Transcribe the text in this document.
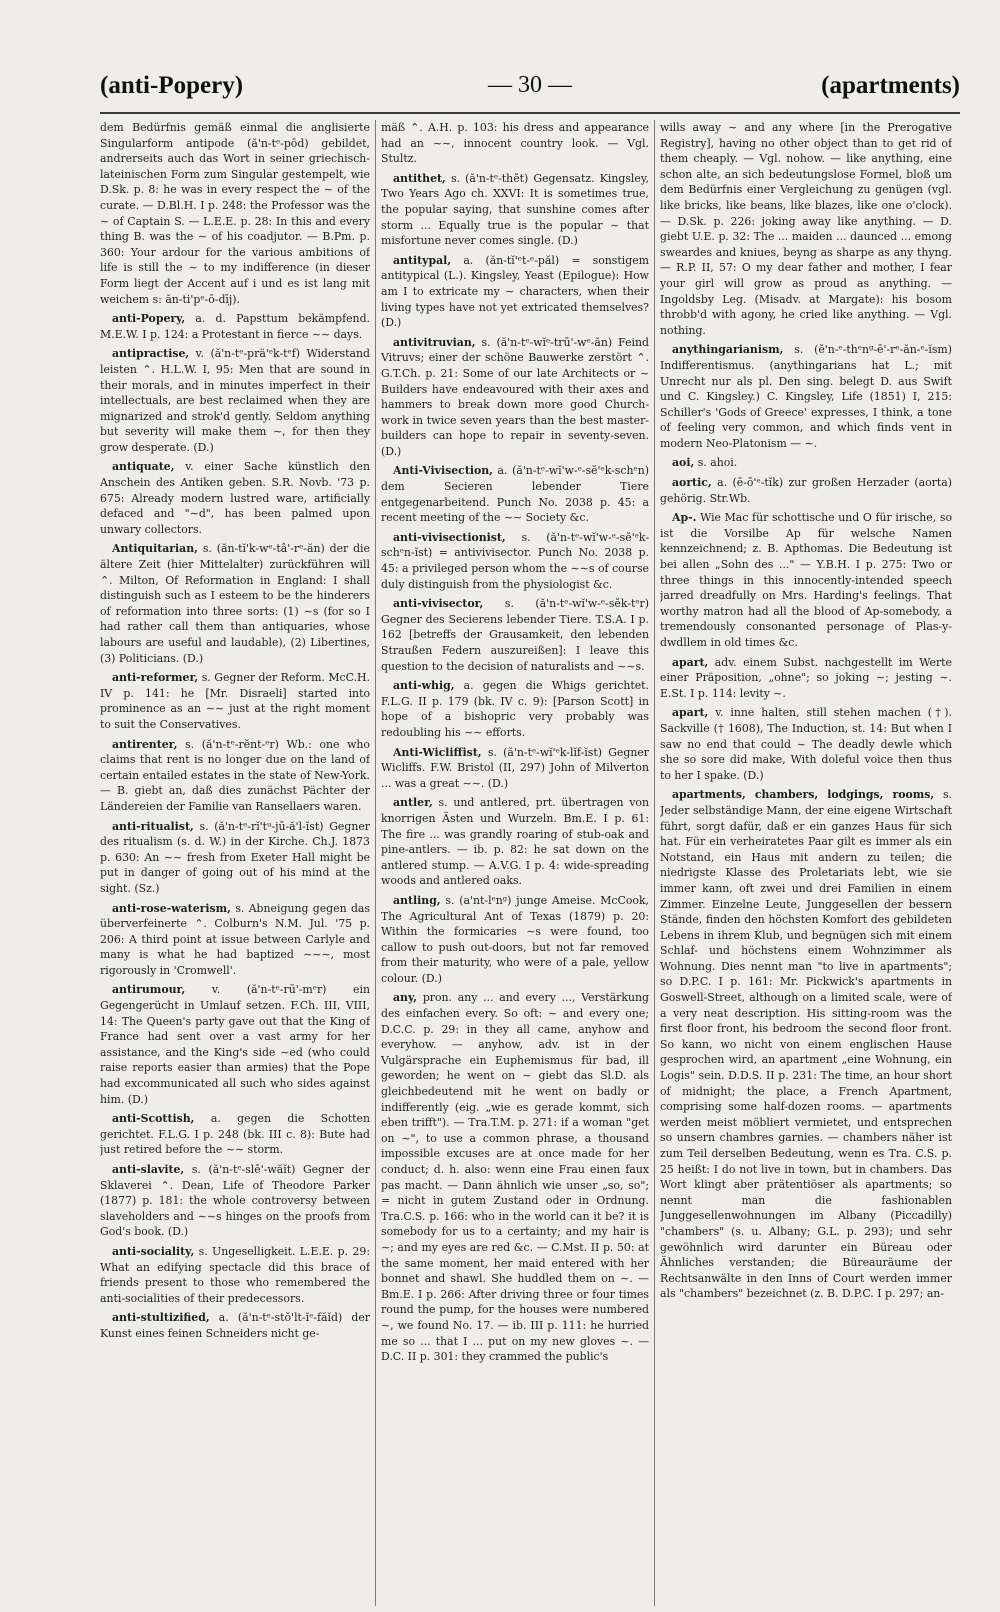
(anti-Popery)	— 30 —	(apartments)

dem Bedürfnis gemäß einmal die anglisierte Singularform antipode (ă'n-tᵉ-pōd) gebildet, andrerseits auch das Wort in seiner griechisch-lateinischen Form zum Singular gestempelt, wie D.Sk. p. 8: he was in every respect the ∼ of the curate. — D.Bl.H. I p. 248: the Professor was the ∼ of Captain S. — L.E.E. p. 28: In this and every thing B. was the ∼ of his coadjutor. — B.Pm. p. 360: Your ardour for the various ambitions of life is still the ∼ to my indifference (in dieser Form liegt der Accent auf i und es ist lang mit weichem s: ăn-ti'pᵉ-ō-dīj).

anti-Popery, a. d. Papsttum bekämpfend. M.E.W. I p. 124: a Protestant in fierce ∼∼ days.

antipractise, v. (ă'n-tᵉ-prä'ᵉk-tᵉf) Widerstand leisten ⌃. H.L.W. I, 95: Men that are sound in their morals, and in minutes imperfect in their intellectuals, are best reclaimed when they are mignarized and strok'd gently. Seldom anything but severity will make them ∼, for then they grow desperate. (D.)

antiquate, v. einer Sache künstlich den Anschein des Antiken geben. S.R. Novb. '73 p. 675: Already modern lustred ware, artificially defaced and "∼d", has been palmed upon unwary collectors.

Antiquitarian, s. (ăn-tĭ'k-wᵉ-tâ'-rᵉ-ăn) der die ältere Zeit (hier Mittelalter) zurückführen will ⌃. Milton, Of Reformation in England: I shall distinguish such as I esteem to be the hinderers of reformation into three sorts: (1) ∼s (for so I had rather call them than antiquaries, whose labours are useful and laudable), (2) Libertines, (3) Politicians. (D.)

anti-reformer, s. Gegner der Reform. McC.H. IV p. 141: he [Mr. Disraeli] started into prominence as an ∼∼ just at the right moment to suit the Conservatives.

antirenter, s. (ă'n-tᵉ-rĕnt-ᵉr) Wb.: one who claims that rent is no longer due on the land of certain entailed estates in the state of New-York. — B. giebt an, daß dies zunächst Pächter der Ländereien der Familie van Ransellaers waren.

anti-ritualist, s. (ă'n-tᵉ-rĭ'tᵘ-jū-ă'l-ĭst) Gegner des ritualism (s. d. W.) in der Kirche. Ch.J. 1873 p. 630: An ∼∼ fresh from Exeter Hall might be put in danger of going out of his mind at the sight. (Sz.)

anti-rose-waterism, s. Abneigung gegen das überverfeinerte ⌃. Colburn's N.M. Jul. '75 p. 206: A third point at issue between Carlyle and many is what he had baptized ∼∼∼, most rigorously in 'Cromwell'.

antirumour, v. (ă'n-tᵉ-rū'-mᵉr) ein Gegengerücht in Umlauf setzen. F.Ch. III, VIII, 14: The Queen's party gave out that the King of France had sent over a vast army for her assistance, and the King's side ∼ed (who could raise reports easier than armies) that the Pope had excommunicated all such who sides against him. (D.)

anti-Scottish, a. gegen die Schotten gerichtet. F.L.G. I p. 248 (bk. III c. 8): Bute had just retired before the ∼∼ storm.

anti-slavite, s. (ă'n-tᵉ-slē'-wăĭt) Gegner der Sklaverei ⌃. Dean, Life of Theodore Parker (1877) p. 181: the whole controversy between slaveholders and ∼∼s hinges on the proofs from God's book. (D.)

anti-sociality, s. Ungeselligkeit. L.E.E. p. 29: What an edifying spectacle did this brace of friends present to those who remembered the anti-socialities of their predecessors.

anti-stultizified, a. (ă'n-tᵉ-stŏ'lt-ĭᵉ-făĭd) der Kunst eines feinen Schneiders nicht ge-

mäß ⌃. A.H. p. 103: his dress and appearance had an ∼∼, innocent country look. — Vgl. Stultz.

antithet, s. (ă'n-tᵉ-thĕt) Gegensatz. Kingsley, Two Years Ago ch. XXVI: It is sometimes true, the popular saying, that sunshine comes after storm ... Equally true is the popular ∼ that misfortune never comes single. (D.)

antitypal, a. (ăn-tĭ'ᵉt-ᵉ-păl) = sonstigem antitypical (L.). Kingsley, Yeast (Epilogue): How am I to extricate my ∼ characters, when their living types have not yet extricated themselves? (D.)

antivitruvian, s. (ă'n-tᵉ-wĭᵉ-trū'-wᵉ-ăn) Feind Vitruvs; einer der schöne Bauwerke zerstört ⌃. G.T.Ch. p. 21: Some of our late Architects or ∼ Builders have endeavoured with their axes and hammers to break down more good Church-work in twice seven years than the best master-builders can hope to repair in seventy-seven. (D.)

Anti-Vivisection, a. (ă'n-tᵉ-wĭ'w-ᵉ-sĕ'ᵉk-schᵉn) dem Secieren lebender Tiere entgegenarbeitend. Punch No. 2038 p. 45: a recent meeting of the ∼∼ Society &c.

anti-vivisectionist, s. (ă'n-tᵉ-wĭ'w-ᵉ-sĕ'ᵉk-schᵉn-ĭst) = antivivisector. Punch No. 2038 p. 45: a privileged person whom the ∼∼s of course duly distinguish from the physiologist &c.

anti-vivisector, s. (ă'n-tᵉ-wĭ'w-ᵉ-sĕk-tᵉr) Gegner des Secierens lebender Tiere. T.S.A. I p. 162 [betreffs der Grausamkeit, den lebenden Straußen Federn auszureißen]: I leave this question to the decision of naturalists and ∼∼s.

anti-whig, a. gegen die Whigs gerichtet. F.L.G. II p. 179 (bk. IV c. 9): [Parson Scott] in hope of a bishopric very probably was redoubling his ∼∼ efforts.

Anti-Wicliffist, s. (ă'n-tᵉ-wĭ'ᵉk-lĭf-ĭst) Gegner Wicliffs. F.W. Bristol (II, 297) John of Milverton ... was a great ∼∼. (D.)

antler, s. und antlered, prt. übertragen von knorrigen Ästen und Wurzeln. Bm.E. I p. 61: The fire ... was grandly roaring of stub-oak and pine-antlers. — ib. p. 82: he sat down on the antlered stump. — A.V.G. I p. 4: wide-spreading woods and antlered oaks.

antling, s. (a'nt-lᵉnᵍ) junge Ameise. McCook, The Agricultural Ant of Texas (1879) p. 20: Within the formicaries ∼s were found, too callow to push out-doors, but not far removed from their maturity, who were of a pale, yellow colour. (D.)

any, pron. any ... and every ..., Verstärkung des einfachen every. So oft: ∼ and every one; D.C.C. p. 29: in they all came, anyhow and everyhow. — anyhow, adv. ist in der Vulgärsprache ein Euphemismus für bad, ill geworden; he went on ∼ giebt das Sl.D. als gleichbedeutend mit he went on badly or indifferently (eig. „wie es gerade kommt, sich eben trifft"). — Tra.T.M. p. 271: if a woman "get on ∼", to use a common phrase, a thousand impossible excuses are at once made for her conduct; d. h. also: wenn eine Frau einen faux pas macht. — Dann ähnlich wie unser „so, so"; = nicht in gutem Zustand oder in Ordnung. Tra.C.S. p. 166: who in the world can it be? it is somebody for us to a certainty; and my hair is ∼; and my eyes are red &c. — C.Mst. II p. 50: at the same moment, her maid entered with her bonnet and shawl. She huddled them on ∼. — Bm.E. I p. 266: After driving three or four times round the pump, for the houses were numbered ∼, we found No. 17. — ib. III p. 111: he hurried me so ... that I ... put on my new gloves ∼. — D.C. II p. 301: they crammed the public's

wills away ∼ and any where [in the Prerogative Registry], having no other object than to get rid of them cheaply. — Vgl. nohow. — like anything, eine schon alte, an sich bedeutungslose Formel, bloß um dem Bedürfnis einer Vergleichung zu genügen (vgl. like bricks, like beans, like blazes, like one o'clock). — D.Sk. p. 226: joking away like anything. — D. giebt U.E. p. 32: The ... maiden ... daunced ... emong sweardes and kniues, beyng as sharpe as any thyng. — R.P. II, 57: O my dear father and mother, I fear your girl will grow as proud as anything. — Ingoldsby Leg. (Misadv. at Margate): his bosom throbb'd with agony, he cried like anything. — Vgl. nothing.

anythingarianism, s. (ĕ'n-ᵉ-thᵉnᵍ-ē'-rᵉ-ăn-ᵉ-ĭsm) Indifferentismus. (anythingarians hat L.; mit Unrecht nur als pl. Den sing. belegt D. aus Swift und C. Kingsley.) C. Kingsley, Life (1851) I, 215: Schiller's 'Gods of Greece' expresses, I think, a tone of feeling very common, and which finds vent in modern Neo-Platonism — ∼.

aoi, s. ahoi.

aortic, a. (ē-ō'ᵉ-tĭk) zur großen Herzader (aorta) gehörig. Str.Wb.

Ap-. Wie Mac für schottische und O für irische, so ist die Vorsilbe Ap für welsche Namen kennzeichnend; z. B. Apthomas. Die Bedeutung ist bei allen „Sohn des ..." — Y.B.H. I p. 275: Two or three things in this innocently-intended speech jarred dreadfully on Mrs. Harding's feelings. That worthy matron had all the blood of Ap-somebody, a tremendously consonanted personage of Plas-y-dwdllem in old times &c.

apart, adv. einem Subst. nachgestellt im Werte einer Präposition, „ohne"; so joking ∼; jesting ∼. E.St. I p. 114: levity ∼.

apart, v. inne halten, still stehen machen (†). Sackville († 1608), The Induction, st. 14: But when I saw no end that could ∼ The deadly dewle which she so sore did make, With doleful voice then thus to her I spake. (D.)

apartments, chambers, lodgings, rooms, s. Jeder selbständige Mann, der eine eigene Wirtschaft führt, sorgt dafür, daß er ein ganzes Haus für sich hat. Für ein verheiratetes Paar gilt es immer als ein Notstand, ein Haus mit andern zu teilen; die niedrigste Klasse des Proletariats lebt, wie sie immer kann, oft zwei und drei Familien in einem Zimmer. Einzelne Leute, Junggesellen der bessern Stände, finden den höchsten Komfort des gebildeten Lebens in ihrem Klub, und begnügen sich mit einem Schlaf- und höchstens einem Wohnzimmer als Wohnung. Dies nennt man "to live in apartments"; so D.P.C. I p. 161: Mr. Pickwick's apartments in Goswell-Street, although on a limited scale, were of a very neat description. His sitting-room was the first floor front, his bedroom the second floor front. So kann, wo nicht von einem englischen Hause gesprochen wird, an apartment „eine Wohnung, ein Logis" sein. D.D.S. II p. 231: The time, an hour short of midnight; the place, a French Apartment, comprising some half-dozen rooms. — apartments werden meist möbliert vermietet, und entsprechen so unsern chambres garnies. — chambers näher ist zum Teil derselben Bedeutung, wenn es Tra. C.S. p. 25 heißt: I do not live in town, but in chambers. Das Wort klingt aber prätentiöser als apartments; so nennt man die fashionablen Junggesellenwohnungen im Albany (Piccadilly) "chambers" (s. u. Albany; G.L. p. 293); und sehr gewöhnlich wird darunter ein Büreau oder Ähnliches verstanden; die Büreauräume der Rechtsanwälte in den Inns of Court werden immer als "chambers" bezeichnet (z. B. D.P.C. I p. 297; an-
